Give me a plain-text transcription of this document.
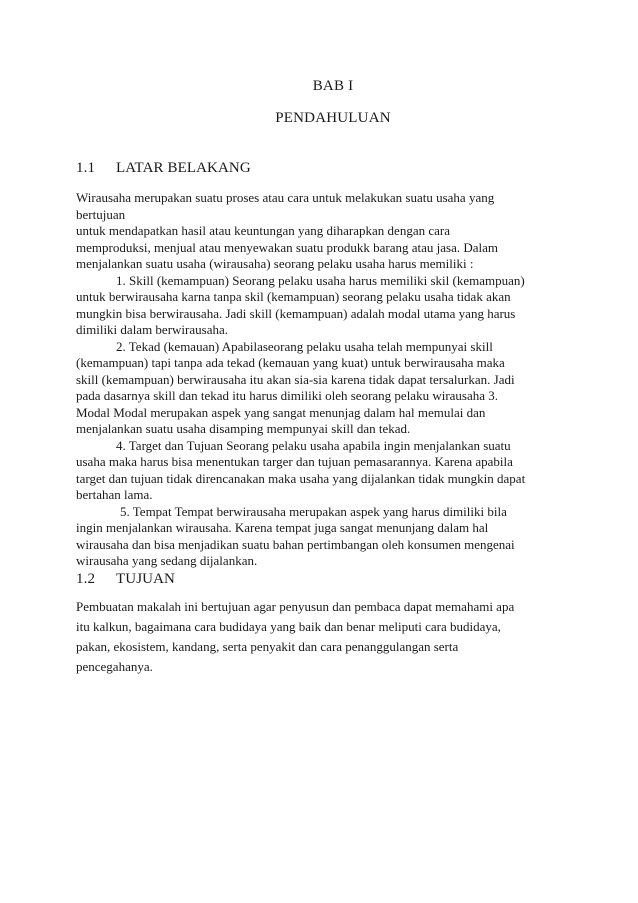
BAB I
PENDAHULUAN
1.1 LATAR BELAKANG
Wirausaha merupakan suatu proses atau cara untuk melakukan suatu usaha yang
bertujuan
untuk mendapatkan hasil atau keuntungan yang diharapkan dengan cara
memproduksi, menjual atau menyewakan suatu produkk barang atau jasa. Dalam
menjalankan suatu usaha (wirausaha) seorang pelaku usaha harus memiliki :
1. Skill (kemampuan) Seorang pelaku usaha harus memiliki skil (kemampuan)
untuk berwirausaha karna tanpa skil (kemampuan) seorang pelaku usaha tidak akan
mungkin bisa berwirausaha. Jadi skill (kemampuan) adalah modal utama yang harus
dimiliki dalam berwirausaha.
2. Tekad (kemauan) Apabilaseorang pelaku usaha telah mempunyai skill
(kemampuan) tapi tanpa ada tekad (kemauan yang kuat) untuk berwirausaha maka
skill (kemampuan) berwirausaha itu akan sia-sia karena tidak dapat tersalurkan. Jadi
pada dasarnya skill dan tekad itu harus dimiliki oleh seorang pelaku wirausaha 3.
Modal Modal merupakan aspek yang sangat menunjag dalam hal memulai dan
menjalankan suatu usaha disamping mempunyai skill dan tekad.
4. Target dan Tujuan Seorang pelaku usaha apabila ingin menjalankan suatu
usaha maka harus bisa menentukan targer dan tujuan pemasarannya. Karena apabila
target dan tujuan tidak direncanakan maka usaha yang dijalankan tidak mungkin dapat
bertahan lama.
5. Tempat Tempat berwirausaha merupakan aspek yang harus dimiliki bila
ingin menjalankan wirausaha. Karena tempat juga sangat menunjang dalam hal
wirausaha dan bisa menjadikan suatu bahan pertimbangan oleh konsumen mengenai
wirausaha yang sedang dijalankan.
1.2 TUJUAN
Pembuatan makalah ini bertujuan agar penyusun dan pembaca dapat memahami apa
itu kalkun, bagaimana cara budidaya yang baik dan benar meliputi cara budidaya,
pakan, ekosistem, kandang, serta penyakit dan cara penanggulangan serta
pencegahanya.
